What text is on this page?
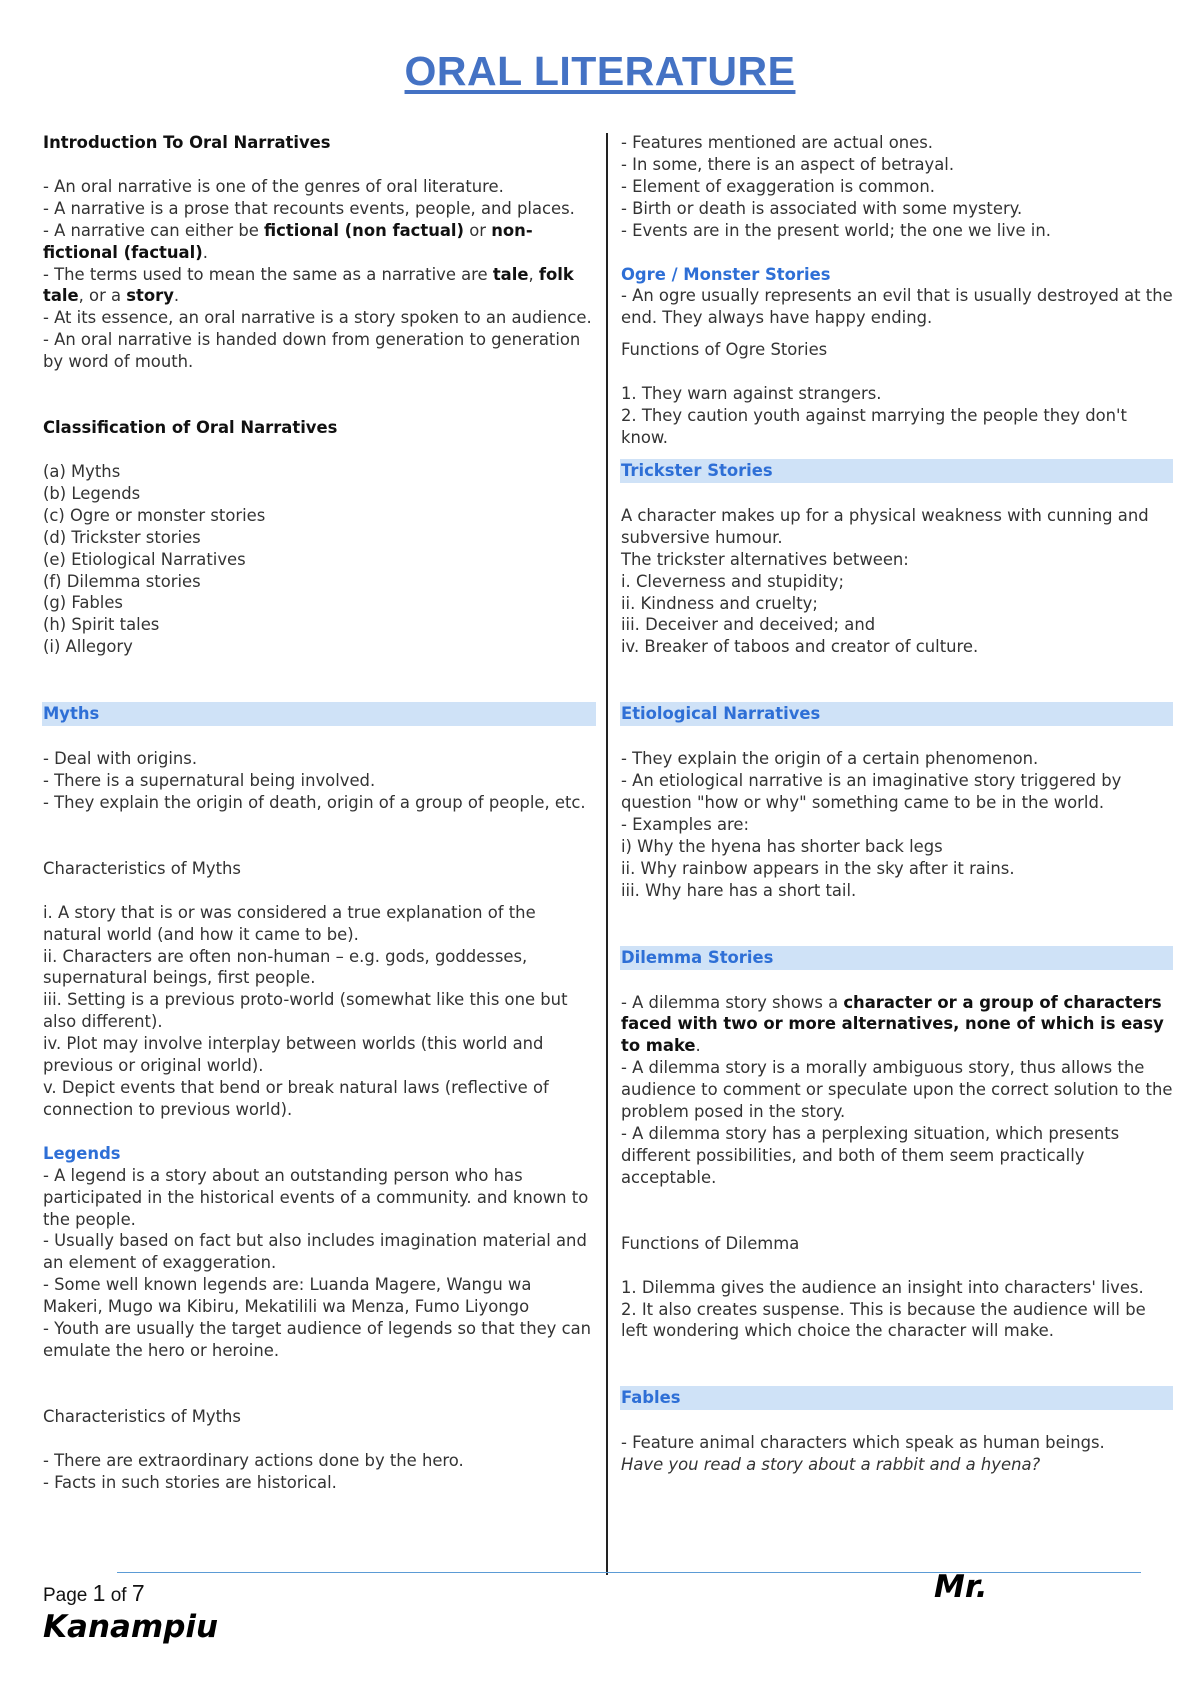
ORAL LITERATURE

Introduction To Oral Narratives

- An oral narrative is one of the genres of oral literature.

- A narrative is a prose that recounts events, people, and places.

- A narrative can either be fictional (non factual) or non-fictional (factual).

- The terms used to mean the same as a narrative are tale, folk tale, or a story.

- At its essence, an oral narrative is a story spoken to an audience.

- An oral narrative is handed down from generation to generation by word of mouth.

Classification of Oral Narratives

(a) Myths

(b) Legends

(c) Ogre or monster stories

(d) Trickster stories

(e) Etiological Narratives

(f) Dilemma stories

(g) Fables

(h) Spirit tales

(i) Allegory

Myths

- Deal with origins.

- There is a supernatural being involved.

- They explain the origin of death, origin of a group of people, etc.

Characteristics of Myths

i. A story that is or was considered a true explanation of the natural world (and how it came to be).

ii. Characters are often non-human – e.g. gods, goddesses, supernatural beings, first people.

iii. Setting is a previous proto-world (somewhat like this one but also different).

iv. Plot may involve interplay between worlds (this world and previous or original world).

v. Depict events that bend or break natural laws (reflective of connection to previous world).

Legends

- A legend is a story about an outstanding person who has participated in the historical events of a community. and known to the people.

- Usually based on fact but also includes imagination material and an element of exaggeration.

- Some well known legends are: Luanda Magere, Wangu wa Makeri, Mugo wa Kibiru, Mekatilili wa Menza, Fumo Liyongo

- Youth are usually the target audience of legends so that they can emulate the hero or heroine.

Characteristics of Myths

- There are extraordinary actions done by the hero.

- Facts in such stories are historical.

- Features mentioned are actual ones.

- In some, there is an aspect of betrayal.

- Element of exaggeration is common.

- Birth or death is associated with some mystery.

- Events are in the present world; the one we live in.

Ogre / Monster Stories

- An ogre usually represents an evil that is usually destroyed at the end. They always have happy ending.

Functions of Ogre Stories

1. They warn against strangers.

2. They caution youth against marrying the people they don't know.

Trickster Stories

A character makes up for a physical weakness with cunning and subversive humour.

The trickster alternatives between:

i. Cleverness and stupidity;

ii. Kindness and cruelty;

iii. Deceiver and deceived; and

iv. Breaker of taboos and creator of culture.

Etiological Narratives

- They explain the origin of a certain phenomenon.

- An etiological narrative is an imaginative story triggered by question "how or why" something came to be in the world.

- Examples are:

i) Why the hyena has shorter back legs

ii. Why rainbow appears in the sky after it rains.

iii. Why hare has a short tail.

Dilemma Stories

- A dilemma story shows a character or a group of characters faced with two or more alternatives, none of which is easy to make.

- A dilemma story is a morally ambiguous story, thus allows the audience to comment or speculate upon the correct solution to the problem posed in the story.

- A dilemma story has a perplexing situation, which presents different possibilities, and both of them seem practically acceptable.

Functions of Dilemma

1. Dilemma gives the audience an insight into characters' lives.

2. It also creates suspense. This is because the audience will be left wondering which choice the character will make.

Fables

- Feature animal characters which speak as human beings.

Have you read a story about a rabbit and a hyena?

Page 1 of 7	Mr.
Kanampiu
